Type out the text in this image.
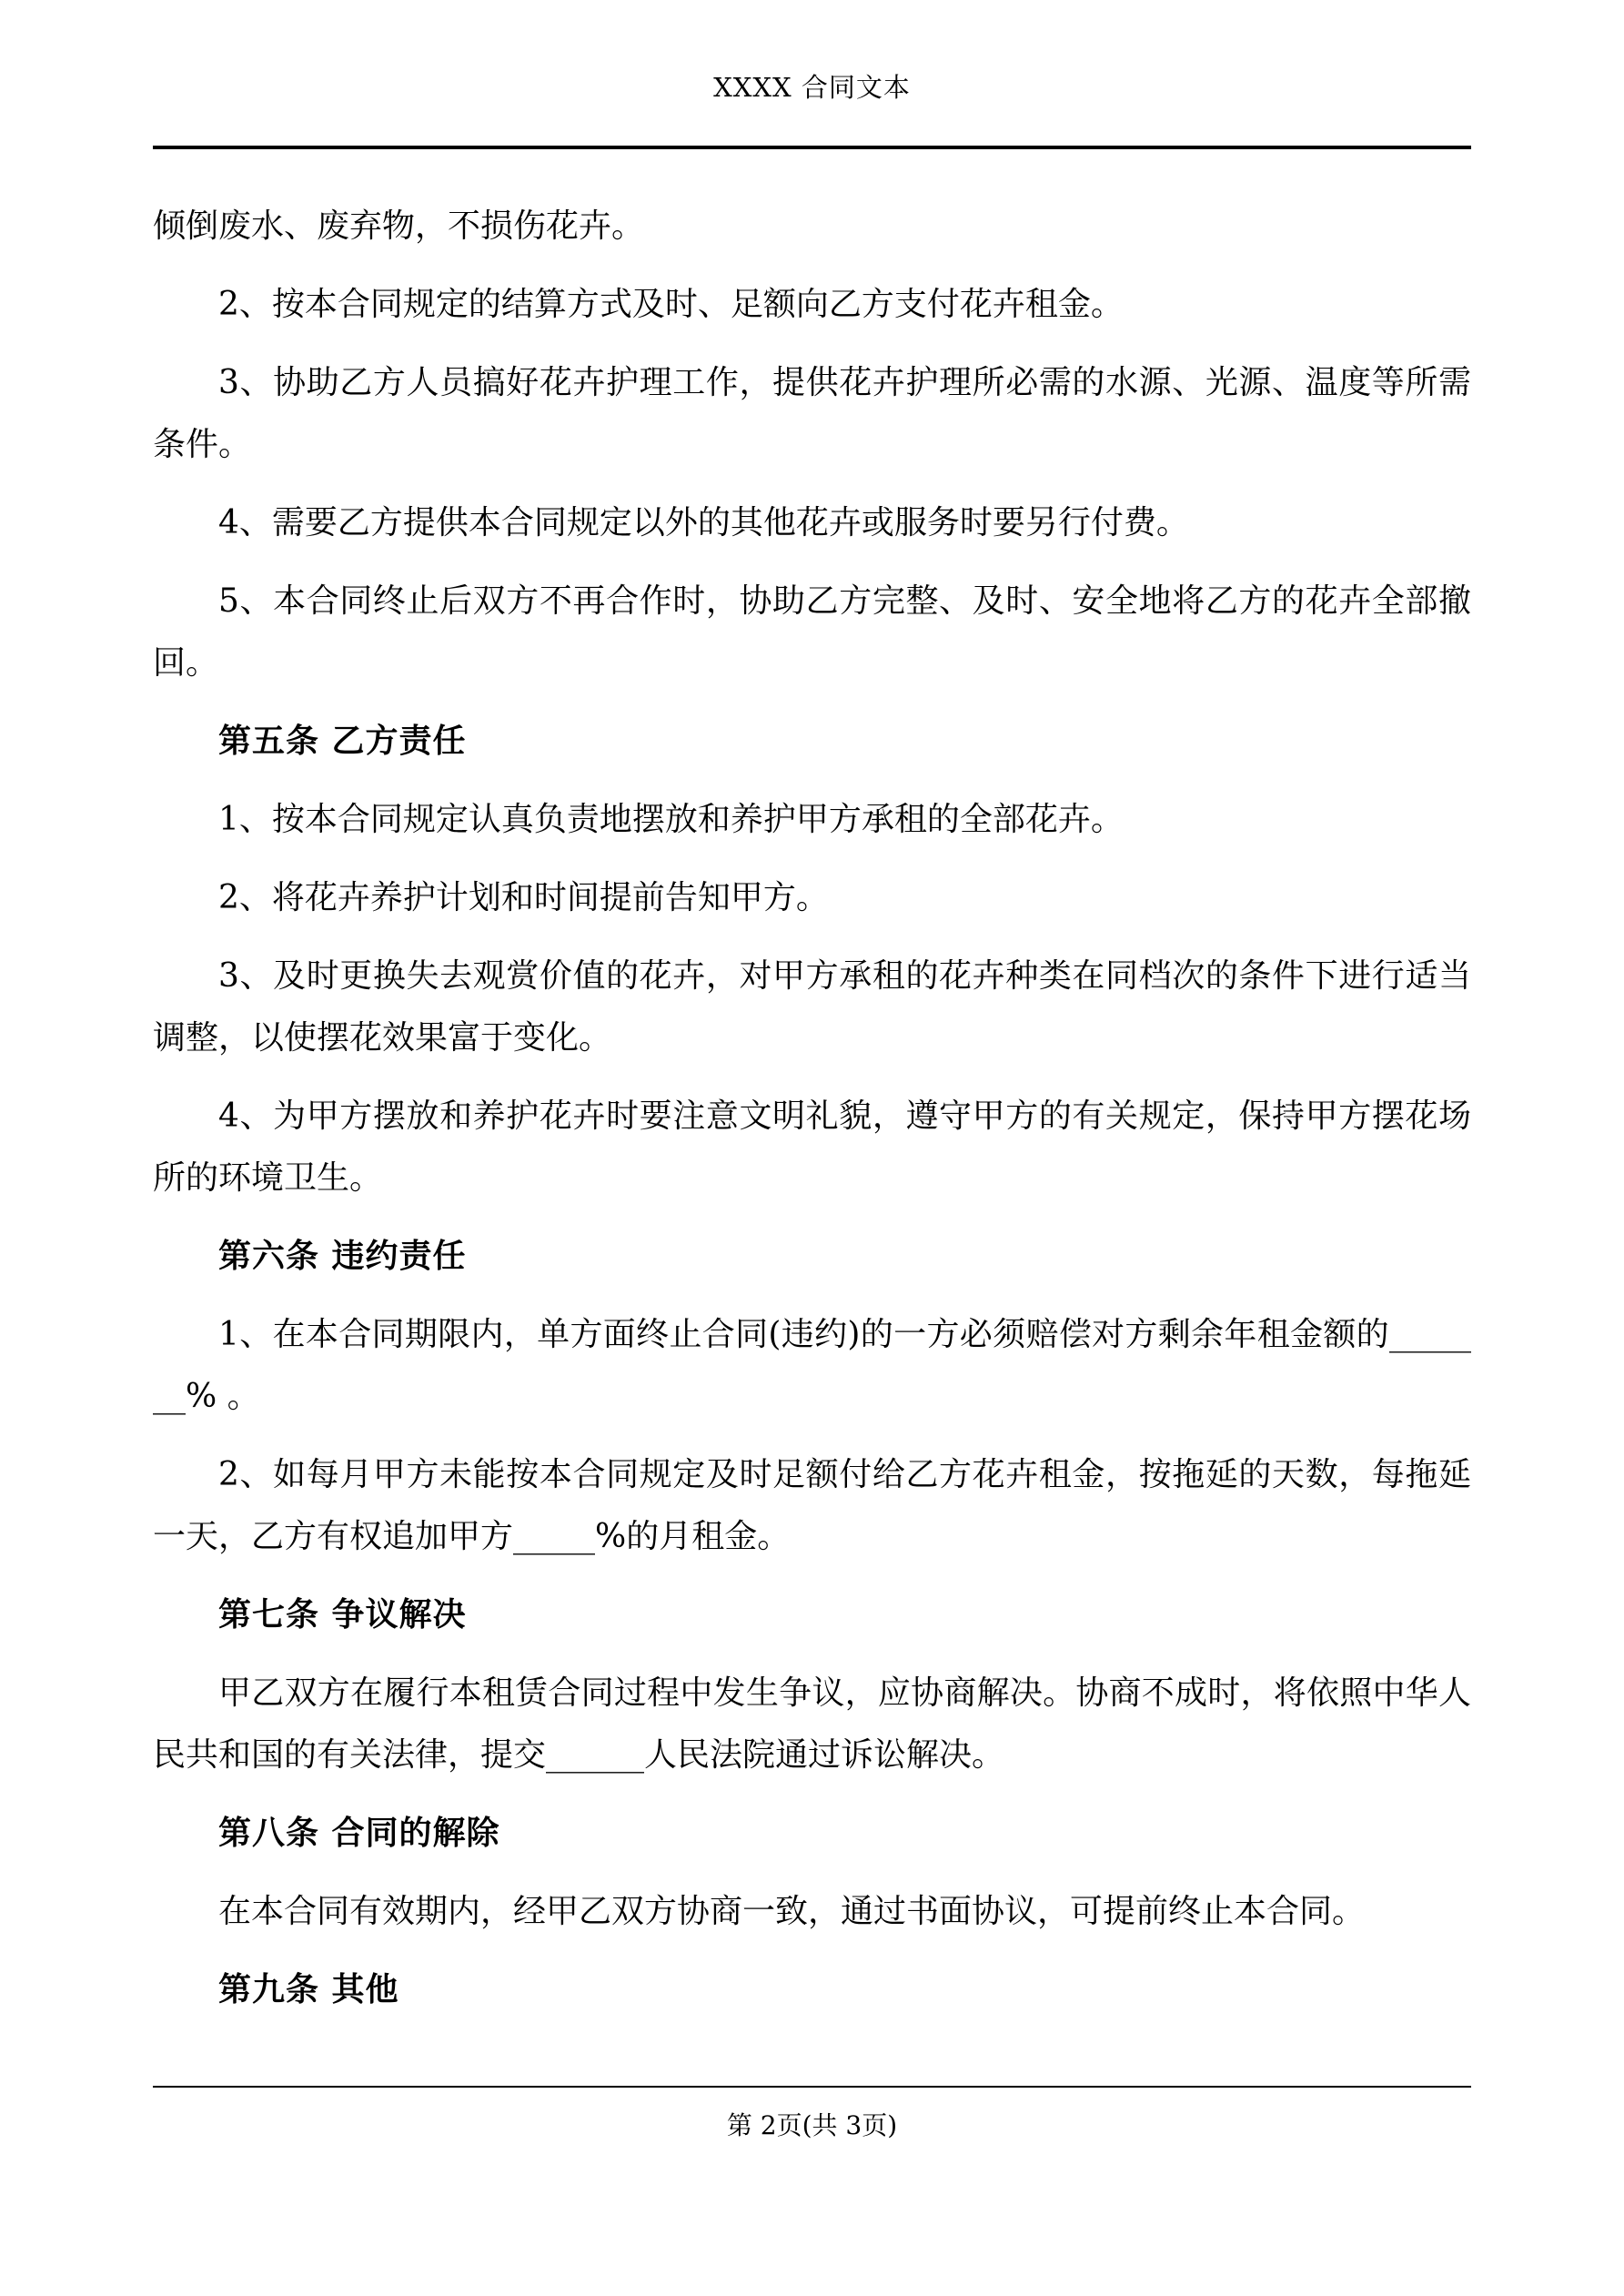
XXXX 合同文本

倾倒废水、废弃物，不损伤花卉。

2、按本合同规定的结算方式及时、足额向乙方支付花卉租金。

3、协助乙方人员搞好花卉护理工作，提供花卉护理所必需的水源、光源、温度等所需条件。

4、需要乙方提供本合同规定以外的其他花卉或服务时要另行付费。

5、本合同终止后双方不再合作时，协助乙方完整、及时、安全地将乙方的花卉全部撤回。

第五条 乙方责任

1、按本合同规定认真负责地摆放和养护甲方承租的全部花卉。

2、将花卉养护计划和时间提前告知甲方。

3、及时更换失去观赏价值的花卉，对甲方承租的花卉种类在同档次的条件下进行适当调整，以使摆花效果富于变化。

4、为甲方摆放和养护花卉时要注意文明礼貌，遵守甲方的有关规定，保持甲方摆花场所的环境卫生。

第六条 违约责任

1、在本合同期限内，单方面终止合同(违约)的一方必须赔偿对方剩余年租金额的_______% 。

2、如每月甲方未能按本合同规定及时足额付给乙方花卉租金，按拖延的天数，每拖延一天，乙方有权追加甲方_____%的月租金。

第七条 争议解决

甲乙双方在履行本租赁合同过程中发生争议，应协商解决。协商不成时，将依照中华人民共和国的有关法律，提交______人民法院通过诉讼解决。

第八条 合同的解除

在本合同有效期内，经甲乙双方协商一致，通过书面协议，可提前终止本合同。

第九条 其他

第 2页(共 3页)
